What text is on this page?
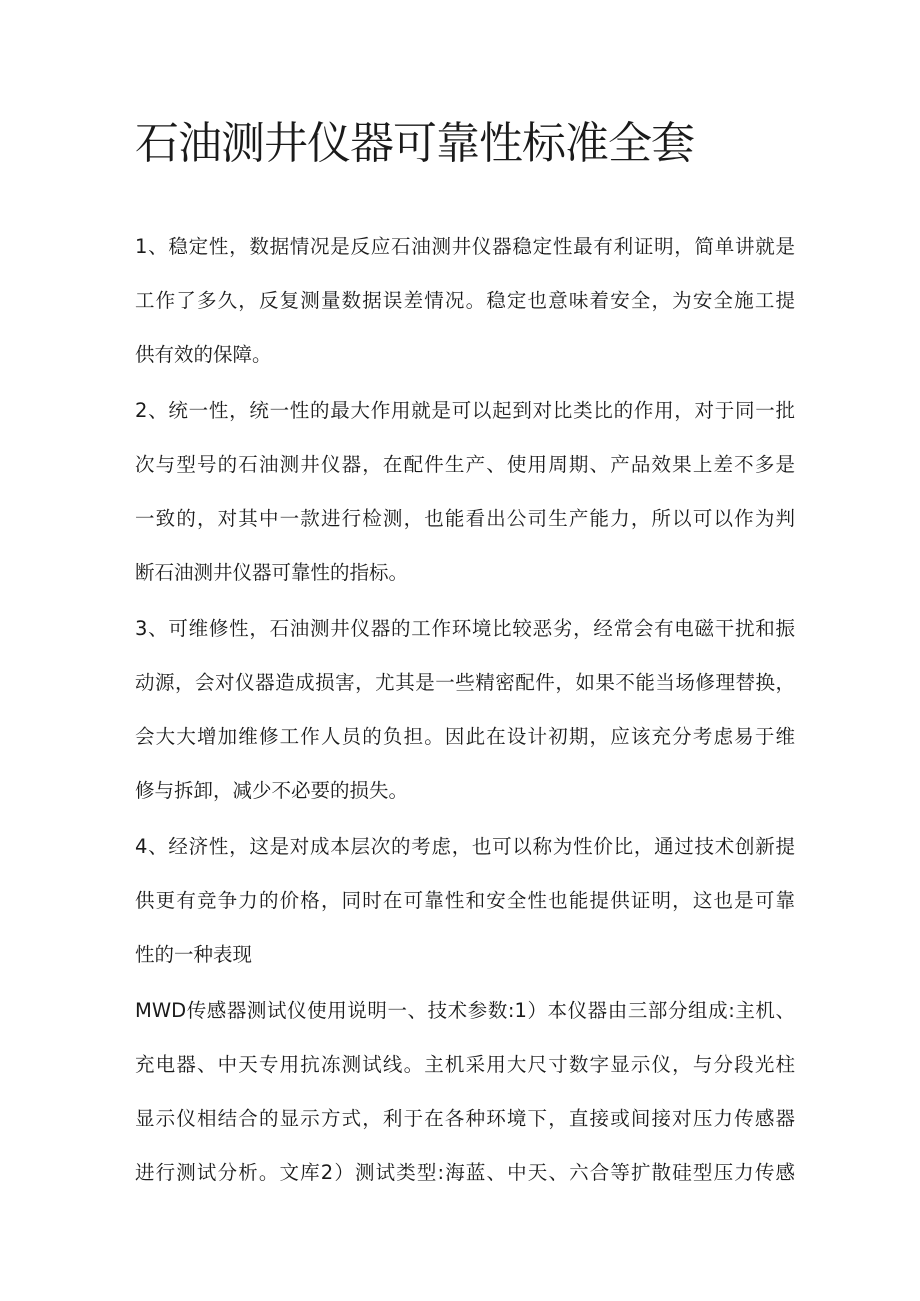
石油测井仪器可靠性标准全套
1、稳定性，数据情况是反应石油测井仪器稳定性最有利证明，简单讲就是
工作了多久，反复测量数据误差情况。稳定也意味着安全，为安全施工提
供有效的保障。
2、统一性，统一性的最大作用就是可以起到对比类比的作用，对于同一批
次与型号的石油测井仪器，在配件生产、使用周期、产品效果上差不多是
一致的，对其中一款进行检测，也能看出公司生产能力，所以可以作为判
断石油测井仪器可靠性的指标。
3、可维修性，石油测井仪器的工作环境比较恶劣，经常会有电磁干扰和振
动源，会对仪器造成损害，尤其是一些精密配件，如果不能当场修理替换，
会大大增加维修工作人员的负担。因此在设计初期，应该充分考虑易于维
修与拆卸，减少不必要的损失。
4、经济性，这是对成本层次的考虑，也可以称为性价比，通过技术创新提
供更有竞争力的价格，同时在可靠性和安全性也能提供证明，这也是可靠
性的一种表现
MWD传感器测试仪使用说明一、技术参数:1）本仪器由三部分组成:主机、
充电器、中天专用抗冻测试线。主机采用大尺寸数字显示仪，与分段光柱
显示仪相结合的显示方式，利于在各种环境下，直接或间接对压力传感器
进行测试分析。文库2）测试类型:海蓝、中天、六合等扩散硅型压力传感
